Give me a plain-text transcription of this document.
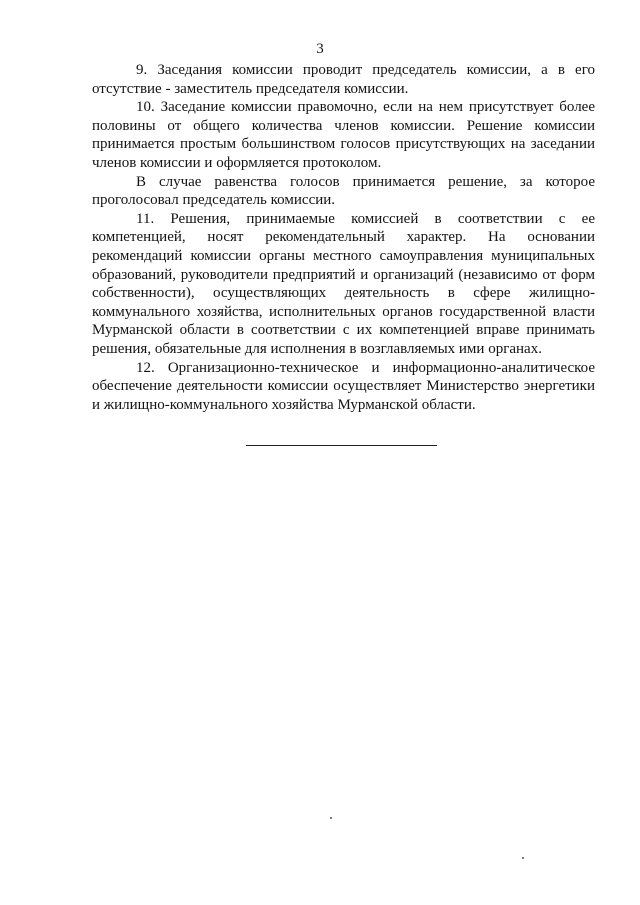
3

9. Заседания комиссии проводит председатель комиссии, а в его отсутствие - заместитель председателя комиссии.

10. Заседание комиссии правомочно, если на нем присутствует более половины от общего количества членов комиссии. Решение комиссии принимается простым большинством голосов присутствующих на заседании членов комиссии и оформляется протоколом.

В случае равенства голосов принимается решение, за которое проголосовал председатель комиссии.

11. Решения, принимаемые комиссией в соответствии с ее компетенцией, носят рекомендательный характер. На основании рекомендаций комиссии органы местного самоуправления муниципальных образований, руководители предприятий и организаций (независимо от форм собственности), осуществляющих деятельность в сфере жилищно-коммунального хозяйства, исполнительных органов государственной власти Мурманской области в соответствии с их компетенцией вправе принимать решения, обязательные для исполнения в возглавляемых ими органах.

12. Организационно-техническое и информационно-аналитическое обеспечение деятельности комиссии осуществляет Министерство энергетики и жилищно-коммунального хозяйства Мурманской области.
